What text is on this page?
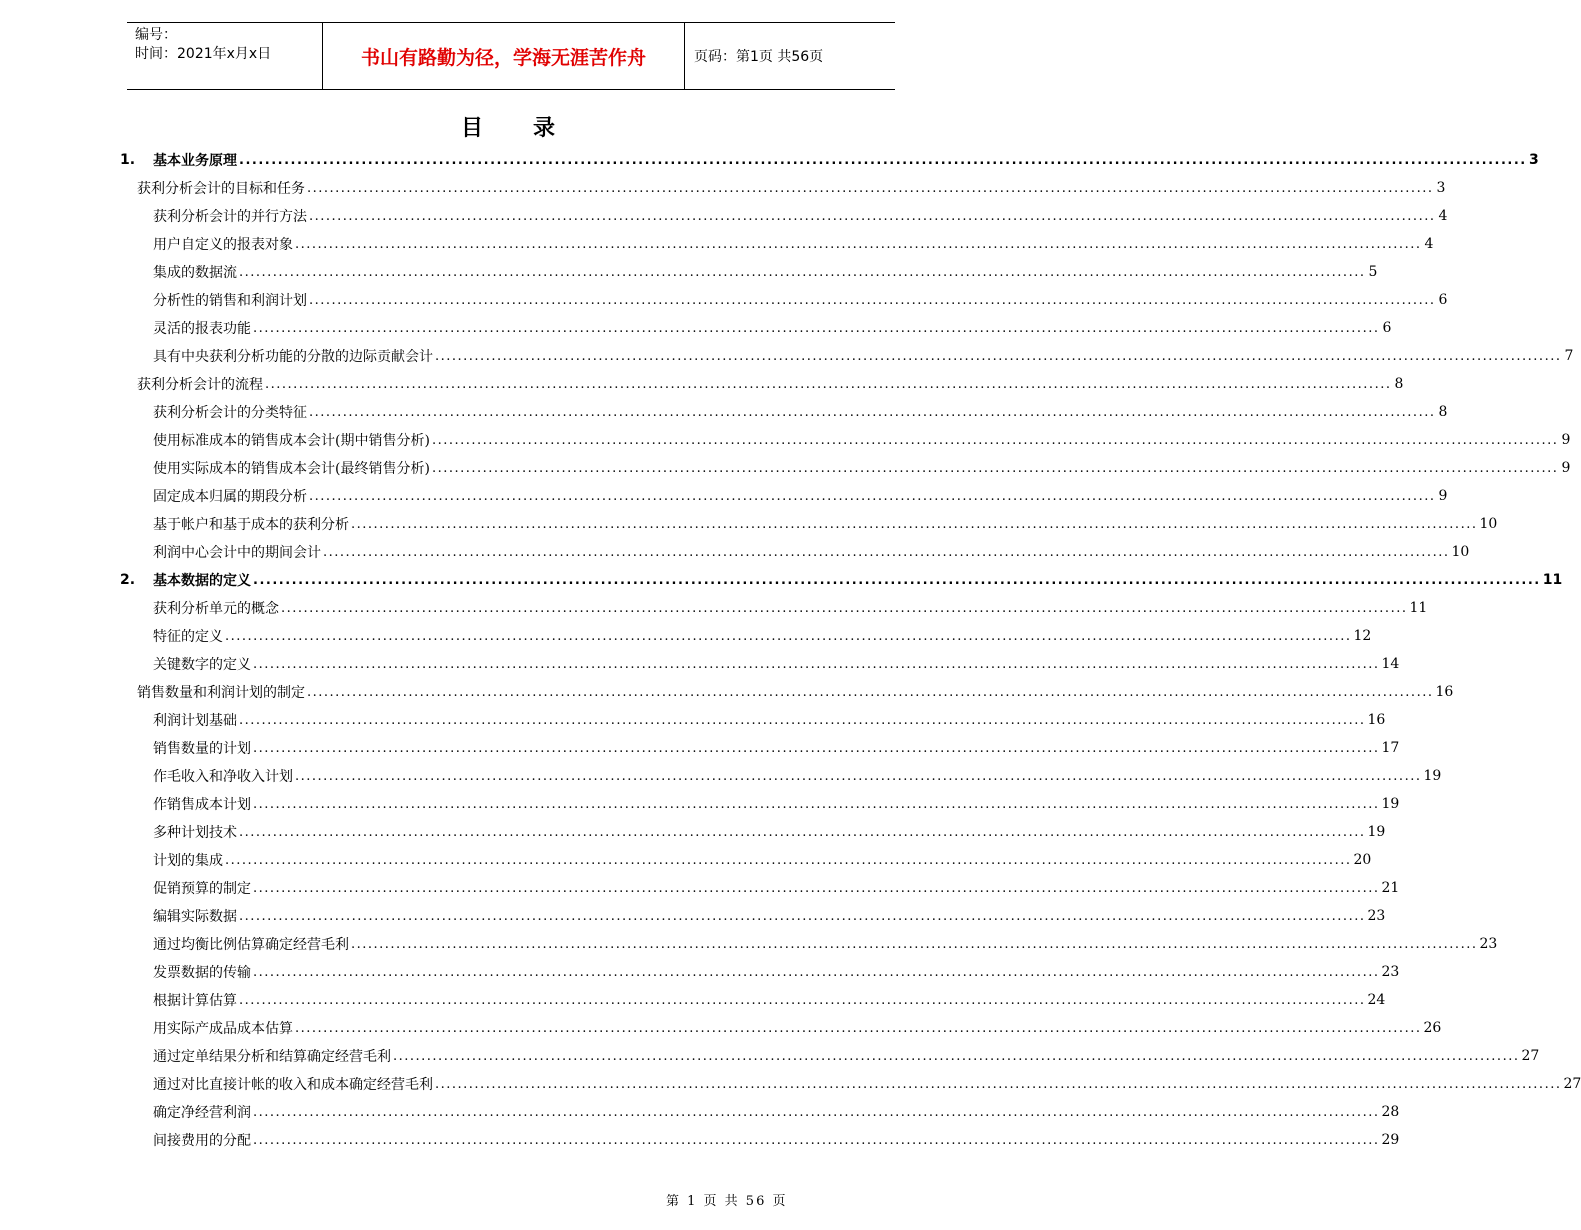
编号：
时间：2021年x月x日	书山有路勤为径，学海无涯苦作舟	页码：第1页 共56页
目 录
1.	基本业务原理 ........................................................................................................................................................................................................ 3
获利分析会计的目标和任务 ........................................................................................................................................................................................................ 3
获利分析会计的并行方法 ........................................................................................................................................................................................................ 4
用户自定义的报表对象 ........................................................................................................................................................................................................ 4
集成的数据流 ........................................................................................................................................................................................................ 5
分析性的销售和利润计划 ........................................................................................................................................................................................................ 6
灵活的报表功能 ........................................................................................................................................................................................................ 6
具有中央获利分析功能的分散的边际贡献会计 ........................................................................................................................................................................................................ 7
获利分析会计的流程 ........................................................................................................................................................................................................ 8
获利分析会计的分类特征 ........................................................................................................................................................................................................ 8
使用标准成本的销售成本会计(期中销售分析) ........................................................................................................................................................................................................ 9
使用实际成本的销售成本会计(最终销售分析) ........................................................................................................................................................................................................ 9
固定成本归属的期段分析 ........................................................................................................................................................................................................ 9
基于帐户和基于成本的获利分析 ........................................................................................................................................................................................................ 10
利润中心会计中的期间会计 ........................................................................................................................................................................................................ 10
2.	基本数据的定义 ........................................................................................................................................................................................................ 11
获利分析单元的概念 ........................................................................................................................................................................................................ 11
特征的定义 ........................................................................................................................................................................................................ 12
关键数字的定义 ........................................................................................................................................................................................................ 14
销售数量和利润计划的制定 ........................................................................................................................................................................................................ 16
利润计划基础 ........................................................................................................................................................................................................ 16
销售数量的计划 ........................................................................................................................................................................................................ 17
作毛收入和净收入计划 ........................................................................................................................................................................................................ 19
作销售成本计划 ........................................................................................................................................................................................................ 19
多种计划技术 ........................................................................................................................................................................................................ 19
计划的集成 ........................................................................................................................................................................................................ 20
促销预算的制定 ........................................................................................................................................................................................................ 21
编辑实际数据 ........................................................................................................................................................................................................ 23
通过均衡比例估算确定经营毛利 ........................................................................................................................................................................................................ 23
发票数据的传输 ........................................................................................................................................................................................................ 23
根据计算估算 ........................................................................................................................................................................................................ 24
用实际产成品成本估算 ........................................................................................................................................................................................................ 26
通过定单结果分析和结算确定经营毛利 ........................................................................................................................................................................................................ 27
通过对比直接计帐的收入和成本确定经营毛利 ........................................................................................................................................................................................................ 27
确定净经营利润 ........................................................................................................................................................................................................ 28
间接费用的分配 ........................................................................................................................................................................................................ 29
第 1 页 共 56 页
